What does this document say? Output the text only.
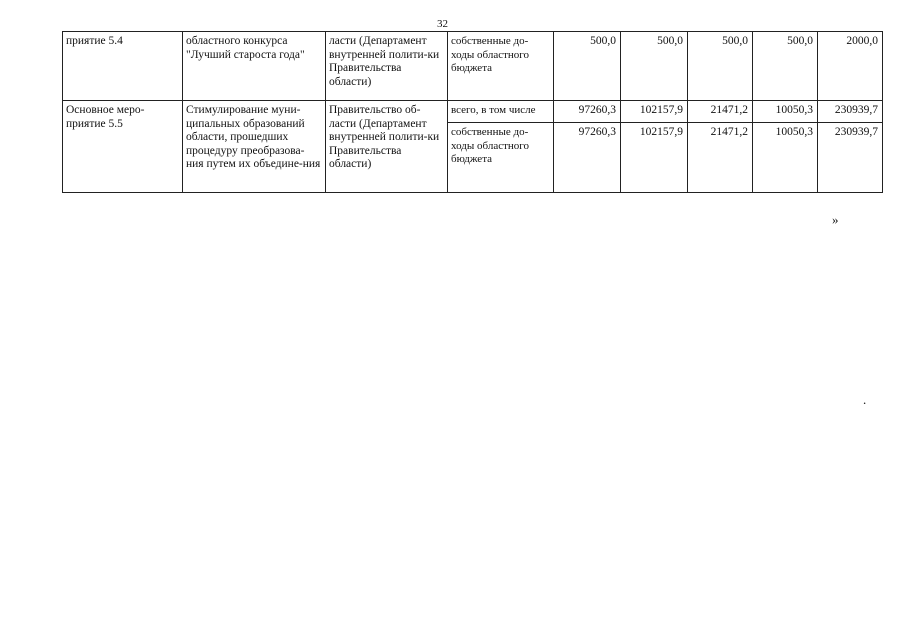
32
приятие 5.4	областного конкурса "Лучший староста года"	ласти (Департамент внутренней полити-ки Правительства области)	собственные до-ходы областного бюджета	500,0	500,0	500,0	500,0	2000,0
Основное меро-приятие 5.5	Стимулирование муни-ципальных образований области, прошедших процедуру преобразова-ния путем их объедине-ния	Правительство об-ласти (Департамент внутренней полити-ки Правительства области)	всего, в том числе	97260,3	102157,9	21471,2	10050,3	230939,7
			собственные до-ходы областного бюджета	97260,3	102157,9	21471,2	10050,3	230939,7
»
.
